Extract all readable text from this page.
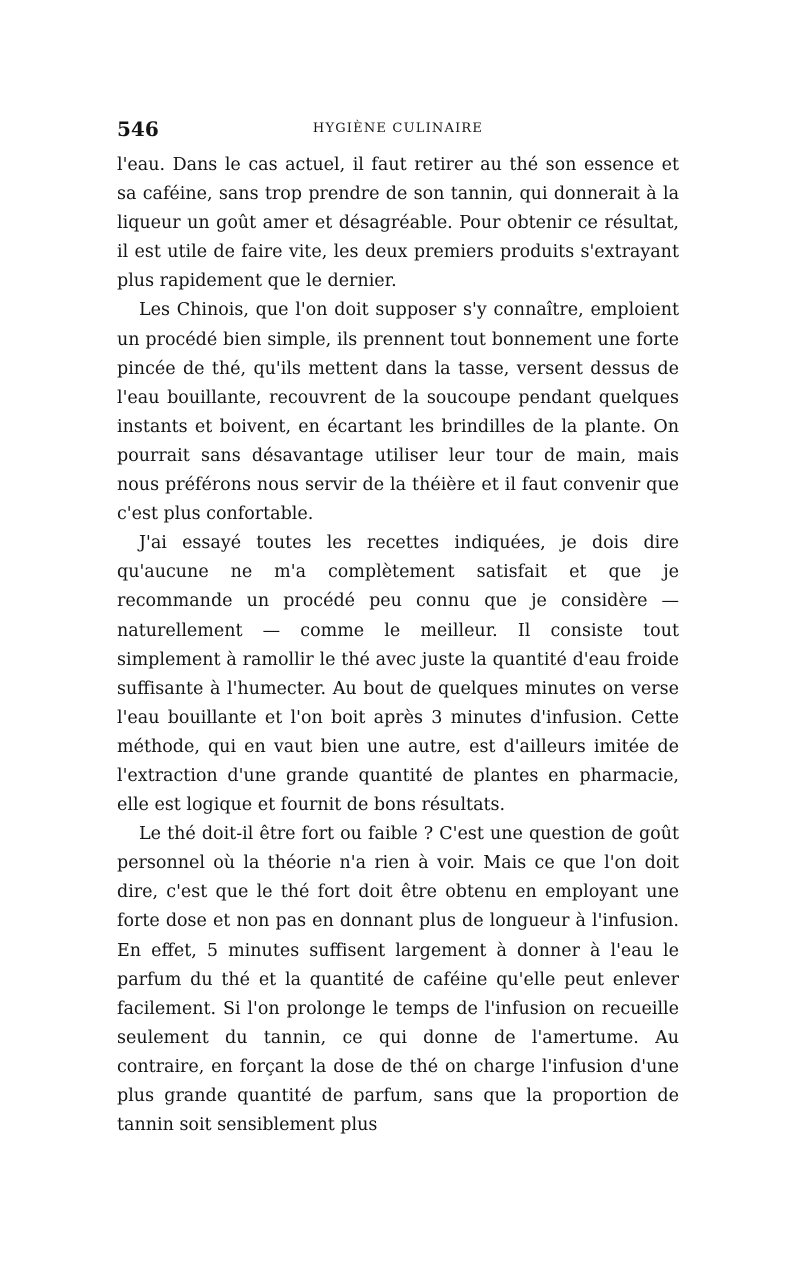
546	HYGIÈNE CULINAIRE

l'eau. Dans le cas actuel, il faut retirer au thé son essence et sa caféine, sans trop prendre de son tannin, qui donnerait à la liqueur un goût amer et désagréable. Pour obtenir ce résultat, il est utile de faire vite, les deux premiers produits s'extrayant plus rapidement que le dernier.

Les Chinois, que l'on doit supposer s'y connaître, emploient un procédé bien simple, ils prennent tout bonnement une forte pincée de thé, qu'ils mettent dans la tasse, versent dessus de l'eau bouillante, recouvrent de la soucoupe pendant quelques instants et boivent, en écartant les brindilles de la plante. On pourrait sans désavantage utiliser leur tour de main, mais nous préférons nous servir de la théière et il faut convenir que c'est plus confortable.

J'ai essayé toutes les recettes indiquées, je dois dire qu'aucune ne m'a complètement satisfait et que je recommande un procédé peu connu que je considère — naturellement — comme le meilleur. Il consiste tout simplement à ramollir le thé avec juste la quantité d'eau froide suffisante à l'humecter. Au bout de quelques minutes on verse l'eau bouillante et l'on boit après 3 minutes d'infusion. Cette méthode, qui en vaut bien une autre, est d'ailleurs imitée de l'extraction d'une grande quantité de plantes en pharmacie, elle est logique et fournit de bons résultats.

Le thé doit-il être fort ou faible ? C'est une question de goût personnel où la théorie n'a rien à voir. Mais ce que l'on doit dire, c'est que le thé fort doit être obtenu en employant une forte dose et non pas en donnant plus de longueur à l'infusion. En effet, 5 minutes suffisent largement à donner à l'eau le parfum du thé et la quantité de caféine qu'elle peut enlever facilement. Si l'on prolonge le temps de l'infusion on recueille seulement du tannin, ce qui donne de l'amertume. Au contraire, en forçant la dose de thé on charge l'infusion d'une plus grande quantité de parfum, sans que la proportion de tannin soit sensiblement plus
